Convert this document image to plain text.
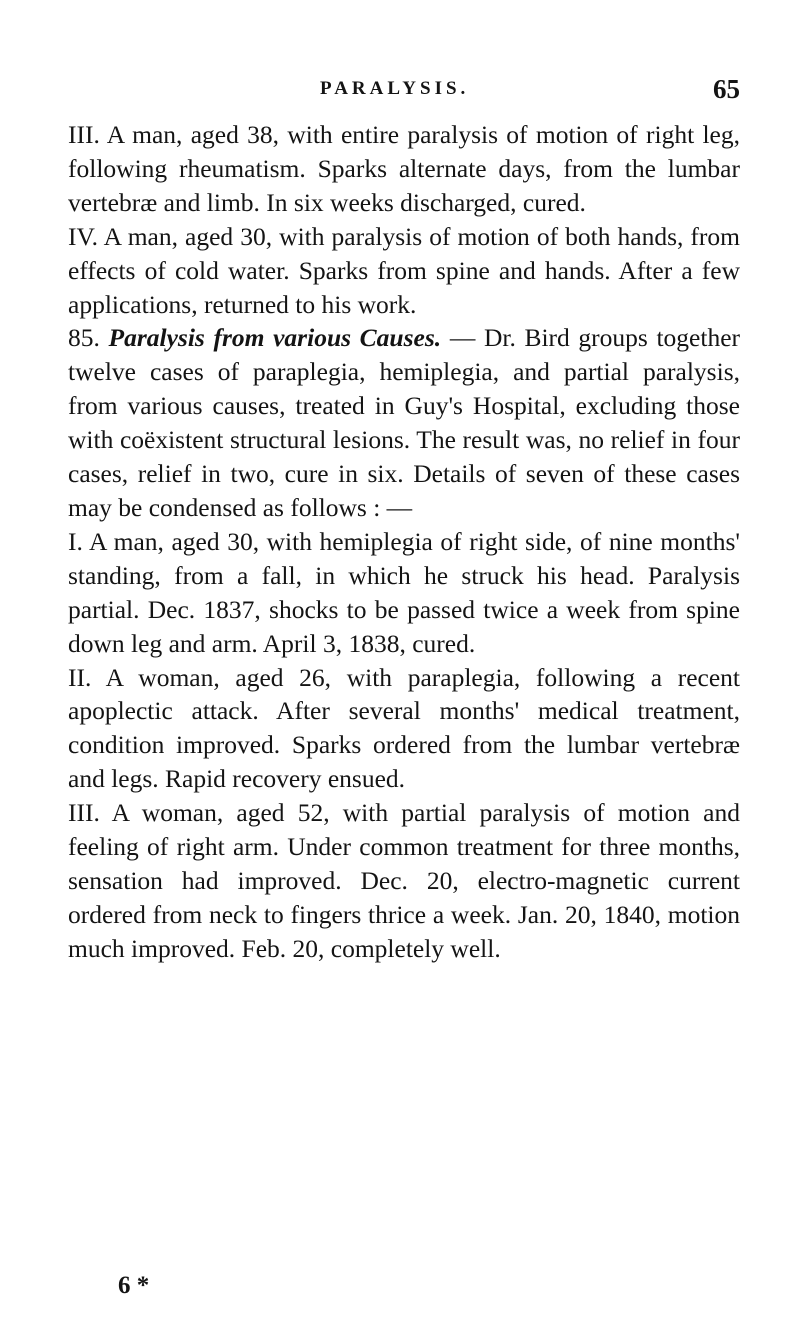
PARALYSIS.	65

III. A man, aged 38, with entire paralysis of motion of right leg, following rheumatism. Sparks alternate days, from the lumbar vertebræ and limb. In six weeks discharged, cured.

IV. A man, aged 30, with paralysis of motion of both hands, from effects of cold water. Sparks from spine and hands. After a few applications, returned to his work.

85. Paralysis from various Causes. — Dr. Bird groups together twelve cases of paraplegia, hemiplegia, and partial paralysis, from various causes, treated in Guy's Hospital, excluding those with coëxistent structural lesions. The result was, no relief in four cases, relief in two, cure in six. Details of seven of these cases may be condensed as follows : —

I. A man, aged 30, with hemiplegia of right side, of nine months' standing, from a fall, in which he struck his head. Paralysis partial. Dec. 1837, shocks to be passed twice a week from spine down leg and arm. April 3, 1838, cured.

II. A woman, aged 26, with paraplegia, following a recent apoplectic attack. After several months' medical treatment, condition improved. Sparks ordered from the lumbar vertebræ and legs. Rapid recovery ensued.

III. A woman, aged 52, with partial paralysis of motion and feeling of right arm. Under common treatment for three months, sensation had improved. Dec. 20, electro-magnetic current ordered from neck to fingers thrice a week. Jan. 20, 1840, motion much improved. Feb. 20, completely well.

6 *
